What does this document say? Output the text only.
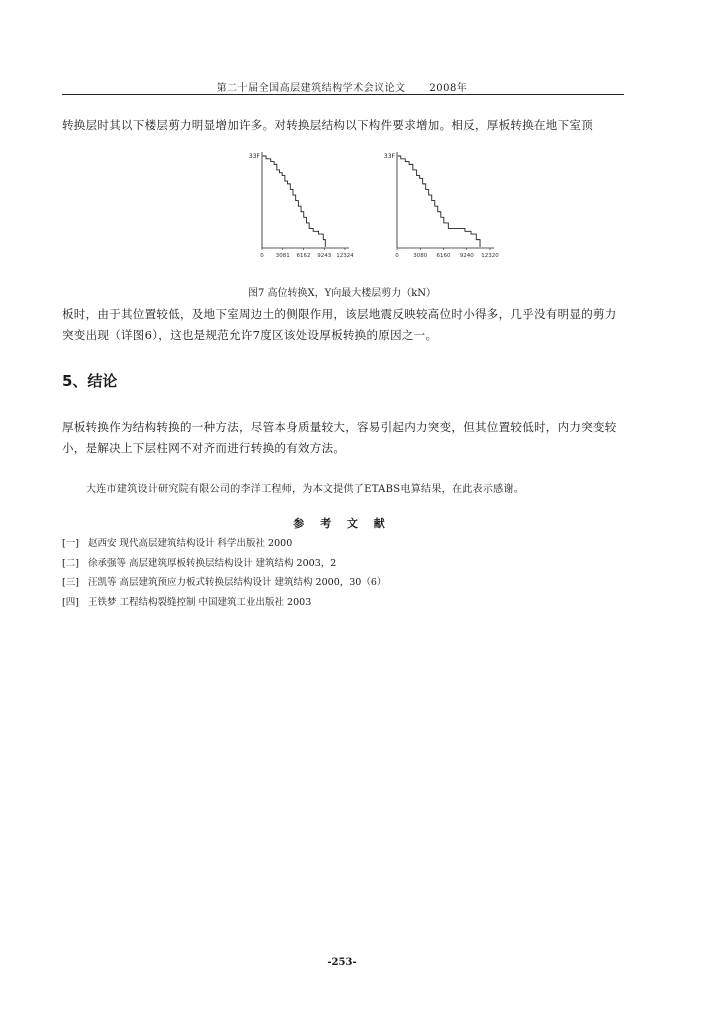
第二十届全国高层建筑结构学术会议论文 2008年
转换层时其以下楼层剪力明显增加许多。对转换层结构以下构件要求增加。相反，厚板转换在地下室顶
33F
0 3081 6162 9243 12324
33F
0	3080 6160 9240 12320
图7 高位转换X，Y向最大楼层剪力（kN）
板时，由于其位置较低，及地下室周边土的侧限作用，该层地震反映较高位时小得多，几乎没有明显的剪力突变出现（详图6），这也是规范允许7度区该处设厚板转换的原因之一。
5、结论
厚板转换作为结构转换的一种方法，尽管本身质量较大，容易引起内力突变，但其位置较低时，内力突变较小，是解决上下层柱网不对齐而进行转换的有效方法。
大连市建筑设计研究院有限公司的李洋工程师，为本文提供了ETABS电算结果，在此表示感谢。
参 考 文 献
[一] 赵西安 现代高层建筑结构设计 科学出版社 2000
[二] 徐承强等 高层建筑厚板转换层结构设计 建筑结构 2003，2
[三] 汪凯等 高层建筑预应力板式转换层结构设计 建筑结构 2000，30（6）
[四] 王铁梦 工程结构裂缝控制 中国建筑工业出版社 2003
-253-
